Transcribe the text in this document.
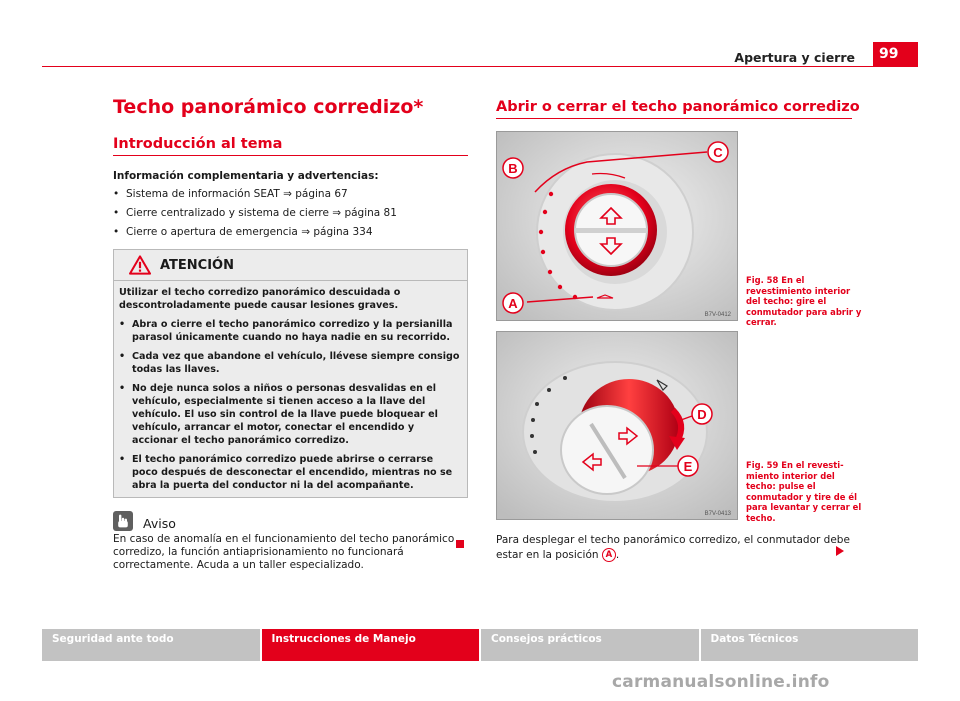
Apertura y cierre	99
Techo panorámico corredizo*
Introducción al tema
Información complementaria y advertencias:
• Sistema de información SEAT ⇒ página 67
• Cierre centralizado y sistema de cierre ⇒ página 81
• Cierre o apertura de emergencia ⇒ página 334
ATENCIÓN

Utilizar el techo corredizo panorámico descuidada o descontroladamente puede causar lesiones graves.

• Abra o cierre el techo panorámico corredizo y la persianilla parasol únicamente cuando no haya nadie en su recorrido.

• Cada vez que abandone el vehículo, llévese siempre consigo todas las llaves.

• No deje nunca solos a niños o personas desvalidas en el vehículo, especialmente si tienen acceso a la llave del vehículo. El uso sin control de la llave puede bloquear el vehículo, arrancar el motor, conectar el encendido y accionar el techo panorámico corredizo.

• El techo panorámico corredizo puede abrirse o cerrarse poco después de desconectar el encendido, mientras no se abra la puerta del conductor ni la del acompañante.

Aviso
En caso de anomalía en el funcionamiento del techo panorámico corredizo, la función antiaprisionamiento no funcionará correctamente. Acuda a un taller especializado.
Abrir o cerrar el techo panorámico corredizo
B
C
A
B7V-0412
Fig. 58 En el revestimiento interior del techo: gire el conmutador para abrir y cerrar.
D
E
B7V-0413
Fig. 59 En el revestimiento interior del techo: pulse el conmutador y tire de él para levantar y cerrar el techo.
Para desplegar el techo panorámico corredizo, el conmutador debe estar en la posición A .
Seguridad ante todo	Instrucciones de Manejo	Consejos prácticos	Datos Técnicos
carmanualsonline.info
